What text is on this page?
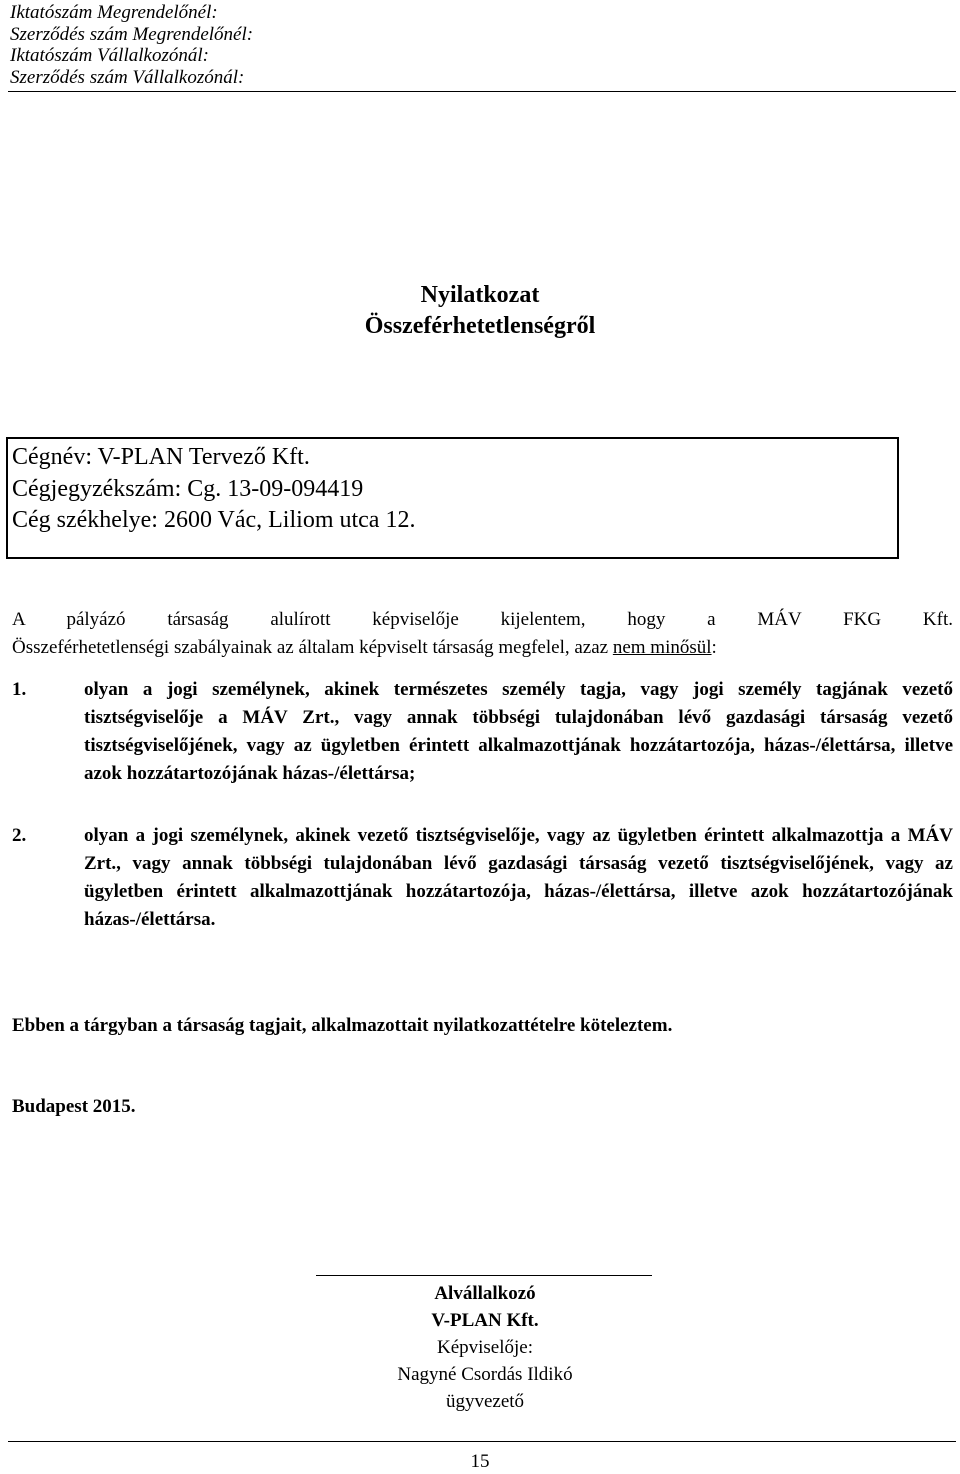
Iktatószám Megrendelőnél:
Szerződés szám Megrendelőnél:
Iktatószám Vállalkozónál:
Szerződés szám Vállalkozónál:
Nyilatkozat
Összeférhetetlenségről
Cégnév: V-PLAN Tervező Kft.
Cégjegyzékszám: Cg. 13-09-094419
Cég székhelye: 2600 Vác, Liliom utca 12.
A pályázó társaság alulírott képviselője kijelentem, hogy a MÁV FKG Kft.
Összeférhetetlenségi szabályainak az általam képviselt társaság megfelel, azaz nem minősül:
1.	olyan a jogi személynek, akinek természetes személy tagja, vagy jogi személy tagjának vezető tisztségviselője a MÁV Zrt., vagy annak többségi tulajdonában lévő gazdasági társaság vezető tisztségviselőjének, vagy az ügyletben érintett alkalmazottjának hozzátartozója, házas-/élettársa, illetve azok hozzátartozójának házas-/élettársa;
2.	olyan a jogi személynek, akinek vezető tisztségviselője, vagy az ügyletben érintett alkalmazottja a MÁV Zrt., vagy annak többségi tulajdonában lévő gazdasági társaság vezető tisztségviselőjének, vagy az ügyletben érintett alkalmazottjának hozzátartozója, házas-/élettársa, illetve azok hozzátartozójának házas-/élettársa.
Ebben a tárgyban a társaság tagjait, alkalmazottait nyilatkozattételre köteleztem.
Budapest 2015.
Alvállalkozó
V-PLAN Kft.
Képviselője:
Nagyné Csordás Ildikó
ügyvezető
15
